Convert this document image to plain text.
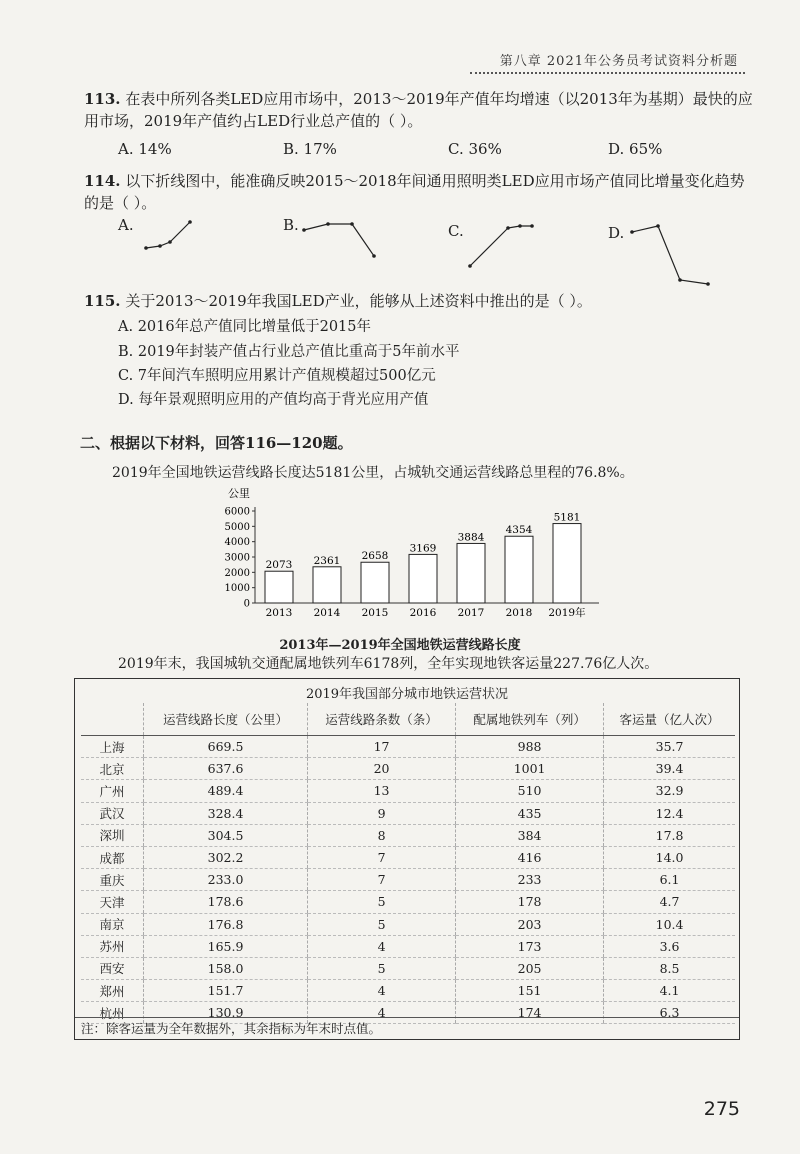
第八章 2021年公务员考试资料分析题
113. 在表中所列各类LED应用市场中，2013～2019年产值年均增速（以2013年为基期）最快的应用市场，2019年产值约占LED行业总产值的（ ）。
A. 14%	B. 17%	C. 36%	D. 65%
114. 以下折线图中，能准确反映2015～2018年间通用照明类LED应用市场产值同比增量变化趋势的是（ ）。
A.	B.	C.	D.
115. 关于2013～2019年我国LED产业，能够从上述资料中推出的是（ ）。
A. 2016年总产值同比增量低于2015年
B. 2019年封装产值占行业总产值比重高于5年前水平
C. 7年间汽车照明应用累计产值规模超过500亿元
D. 每年景观照明应用的产值均高于背光应用产值
二、根据以下材料，回答116—120题。
2019年全国地铁运营线路长度达5181公里，占城轨交通运营线路总里程的76.8%。
公里
0
1000
2000
3000
4000
5000
6000
2073
2013
2361
2014
2658
2015
3169
2016
3884
2017
4354
2018
5181
2019年
2013年—2019年全国地铁运营线路长度
2019年末，我国城轨交通配属地铁列车6178列，全年实现地铁客运量227.76亿人次。
2019年我国部分城市地铁运营状况
	运营线路长度（公里）	运营线路条数（条）	配属地铁列车（列）	客运量（亿人次）
上海	669.5	17	988	35.7
北京	637.6	20	1001	39.4
广州	489.4	13	510	32.9
武汉	328.4	9	435	12.4
深圳	304.5	8	384	17.8
成都	302.2	7	416	14.0
重庆	233.0	7	233	6.1
天津	178.6	5	178	4.7
南京	176.8	5	203	10.4
苏州	165.9	4	173	3.6
西安	158.0	5	205	8.5
郑州	151.7	4	151	4.1
杭州	130.9	4	174	6.3
注：除客运量为全年数据外，其余指标为年末时点值。
275
